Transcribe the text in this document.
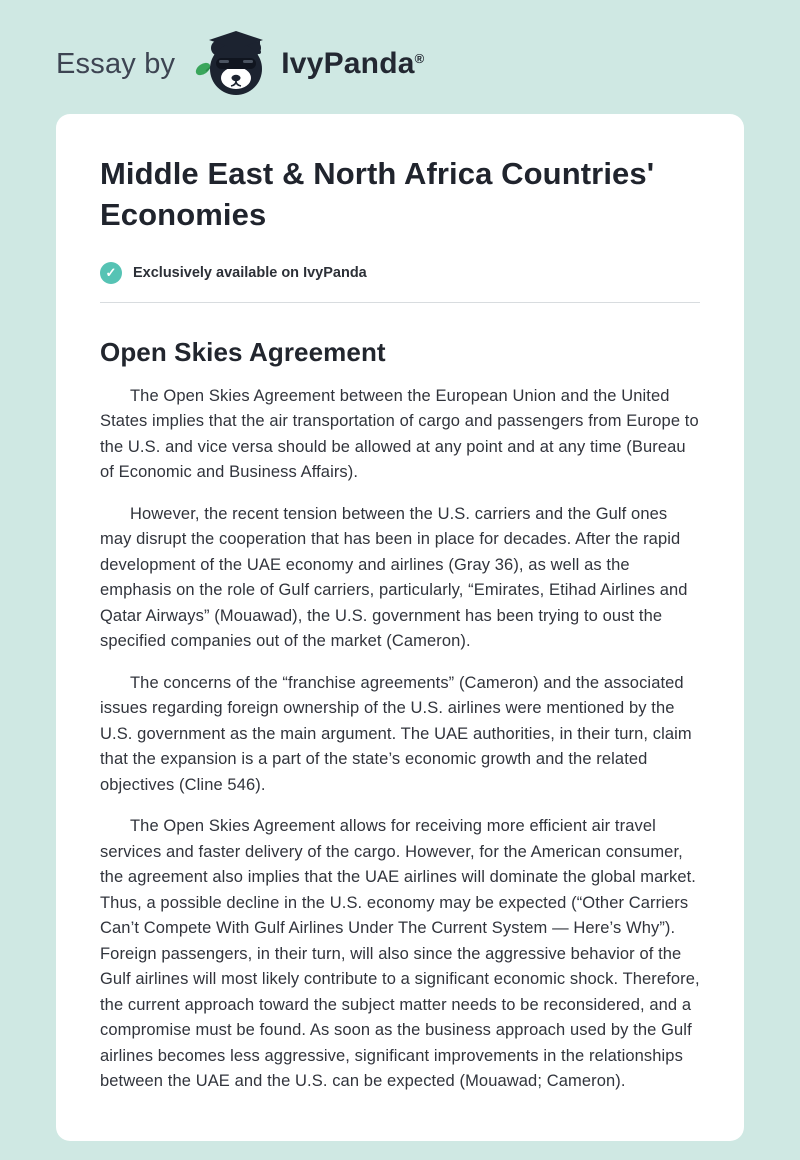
Essay by	IvyPanda®
Middle East & North Africa Countries' Economies
✓	Exclusively available on IvyPanda
Open Skies Agreement

The Open Skies Agreement between the European Union and the United States implies that the air transportation of cargo and passengers from Europe to the U.S. and vice versa should be allowed at any point and at any time (Bureau of Economic and Business Affairs).

However, the recent tension between the U.S. carriers and the Gulf ones may disrupt the cooperation that has been in place for decades. After the rapid development of the UAE economy and airlines (Gray 36), as well as the emphasis on the role of Gulf carriers, particularly, “Emirates, Etihad Airlines and Qatar Airways” (Mouawad), the U.S. government has been trying to oust the specified companies out of the market (Cameron).

The concerns of the “franchise agreements” (Cameron) and the associated issues regarding foreign ownership of the U.S. airlines were mentioned by the U.S. government as the main argument. The UAE authorities, in their turn, claim that the expansion is a part of the state’s economic growth and the related objectives (Cline 546).

The Open Skies Agreement allows for receiving more efficient air travel services and faster delivery of the cargo. However, for the American consumer, the agreement also implies that the UAE airlines will dominate the global market. Thus, a possible decline in the U.S. economy may be expected (“Other Carriers Can’t Compete With Gulf Airlines Under The Current System — Here’s Why”). Foreign passengers, in their turn, will also since the aggressive behavior of the Gulf airlines will most likely contribute to a significant economic shock. Therefore, the current approach toward the subject matter needs to be reconsidered, and a compromise must be found. As soon as the business approach used by the Gulf airlines becomes less aggressive, significant improvements in the relationships between the UAE and the U.S. can be expected (Mouawad; Cameron).
